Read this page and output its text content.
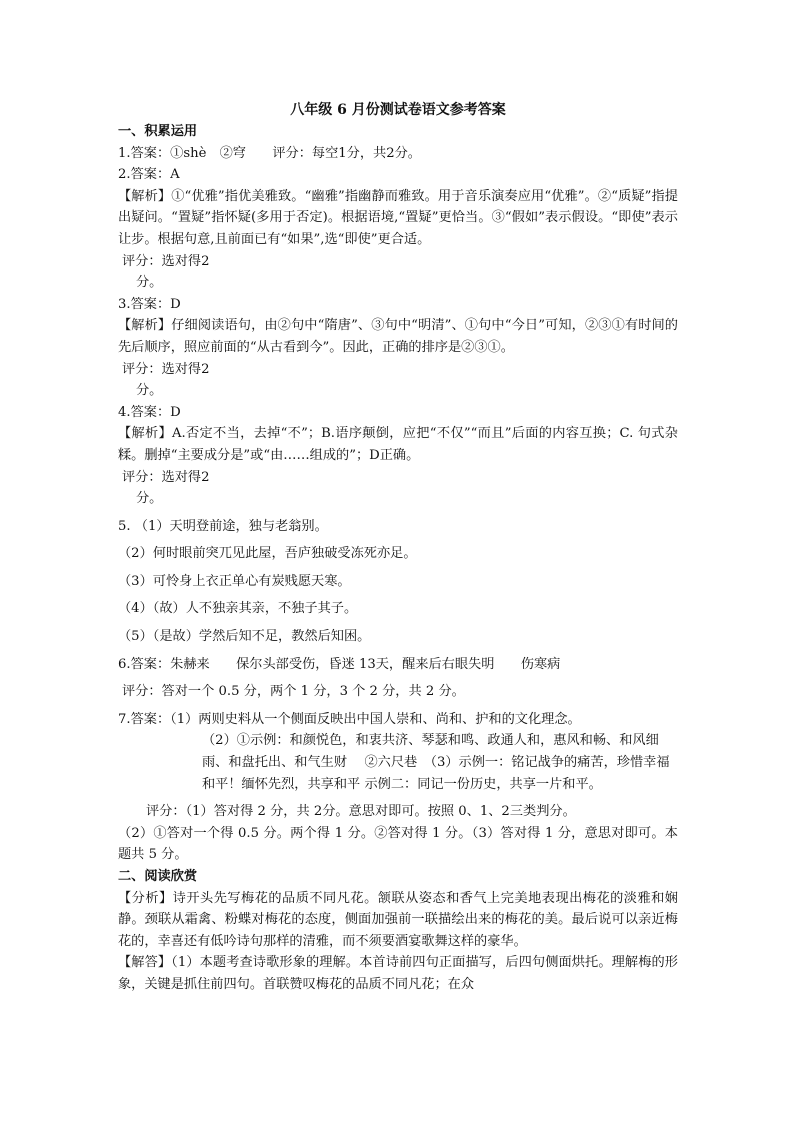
八年级 6 月份测试卷语文参考答案

一、积累运用

1.答案：①shè　②穹　　评分：每空1分，共2分。

2.答案：A

【解析】①“优雅”指优美雅致。“幽雅”指幽静而雅致。用于音乐演奏应用“优雅”。②“质疑”指提出疑问。“置疑”指怀疑(多用于否定)。根据语境,“置疑”更恰当。③“假如”表示假设。“即使”表示让步。根据句意,且前面已有“如果”,选“即使”更合适。

评分：选对得2

分。

3.答案：D

【解析】仔细阅读语句，由②句中“隋唐”、③句中“明清”、①句中“今日”可知，②③①有时间的先后顺序，照应前面的“从古看到今”。因此，正确的排序是②③①。

评分：选对得2

分。

4.答案：D

【解析】A.否定不当，去掉“不”；B.语序颠倒，应把“不仅”“而且”后面的内容互换；C. 句式杂糅。删掉“主要成分是”或“由……组成的”；D正确。

评分：选对得2

分。

5. （1）天明登前途，独与老翁别。

（2）何时眼前突兀见此屋，吾庐独破受冻死亦足。

（3）可怜身上衣正单心有炭贱愿天寒。

（4）（故）人不独亲其亲，不独子其子。

（5）（是故）学然后知不足，教然后知困。

6.答案：朱赫来　　保尔头部受伤，昏迷 13天，醒来后右眼失明　　伤寒病

评分：答对一个 0.5 分，两个 1 分，3 个 2 分，共 2 分。

7.答案：（1）两则史料从一个侧面反映出中国人崇和、尚和、护和的文化理念。

（2）①示例：和颜悦色，和衷共济、琴瑟和鸣、政通人和，惠风和畅、和风细雨、和盘托出、和气生财　 ②六尺巷　（3）示例一：铭记战争的痛苦，珍惜幸福和平！缅怀先烈，共享和平 示例二：同记一份历史，共享一片和平。

评分：（1）答对得 2 分，共 2分。意思对即可。按照 0、1、2三类判分。

（2）①答对一个得 0.5 分。两个得 1 分。②答对得 1 分。（3）答对得 1 分，意思对即可。本题共 5 分。

二、阅读欣赏

【分析】诗开头先写梅花的品质不同凡花。颔联从姿态和香气上完美地表现出梅花的淡雅和娴静。颈联从霜禽、粉蝶对梅花的态度，侧面加强前一联描绘出来的梅花的美。最后说可以亲近梅花的，幸喜还有低吟诗句那样的清雅，而不须要酒宴歌舞这样的豪华。

【解答】（1）本题考查诗歌形象的理解。本首诗前四句正面描写，后四句侧面烘托。理解梅的形象，关键是抓住前四句。首联赞叹梅花的品质不同凡花；在众
